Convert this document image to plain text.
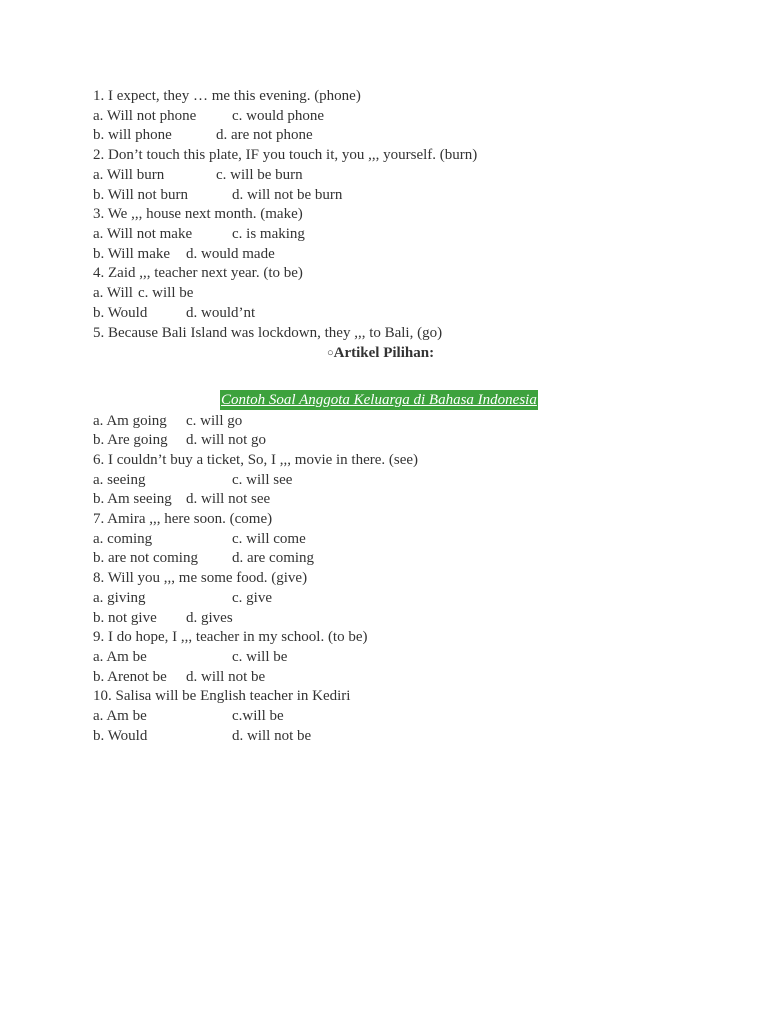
1. I expect, they … me this evening. (phone)
a. Will not phone c. would phone
b. will phone	d. are not phone
2. Don’t touch this plate, IF you touch it, you ,,, yourself. (burn)
a. Will burn	c. will be burn
b. Will not burn	d. will not be burn
3. We ,,, house next month. (make)
a. Will not make	c. is making
b. Will make d. would made
4. Zaid ,,, teacher next year. (to be)
a. Will c. will be
b. Would	d. would’nt
5. Because Bali Island was lockdown, they ,,, to Bali, (go)
○Artikel Pilihan:
Contoh Soal Anggota Keluarga di Bahasa Indonesia
a. Am going c. will go
b. Are going d. will not go
6. I couldn’t buy a ticket, So, I ,,, movie in there. (see)
a. seeing	c. will see
b. Am seeing d. will not see
7. Amira ,,, here soon. (come)
a. coming	c. will come
b. are not coming d. are coming
8. Will you ,,, me some food. (give)
a. giving	c. give
b. not give d. gives
9. I do hope, I ,,, teacher in my school. (to be)
a. Am be	c. will be
b. Arenot be d. will not be
10. Salisa will be English teacher in Kediri
a. Am be	c.will be
b. Would	d. will not be
